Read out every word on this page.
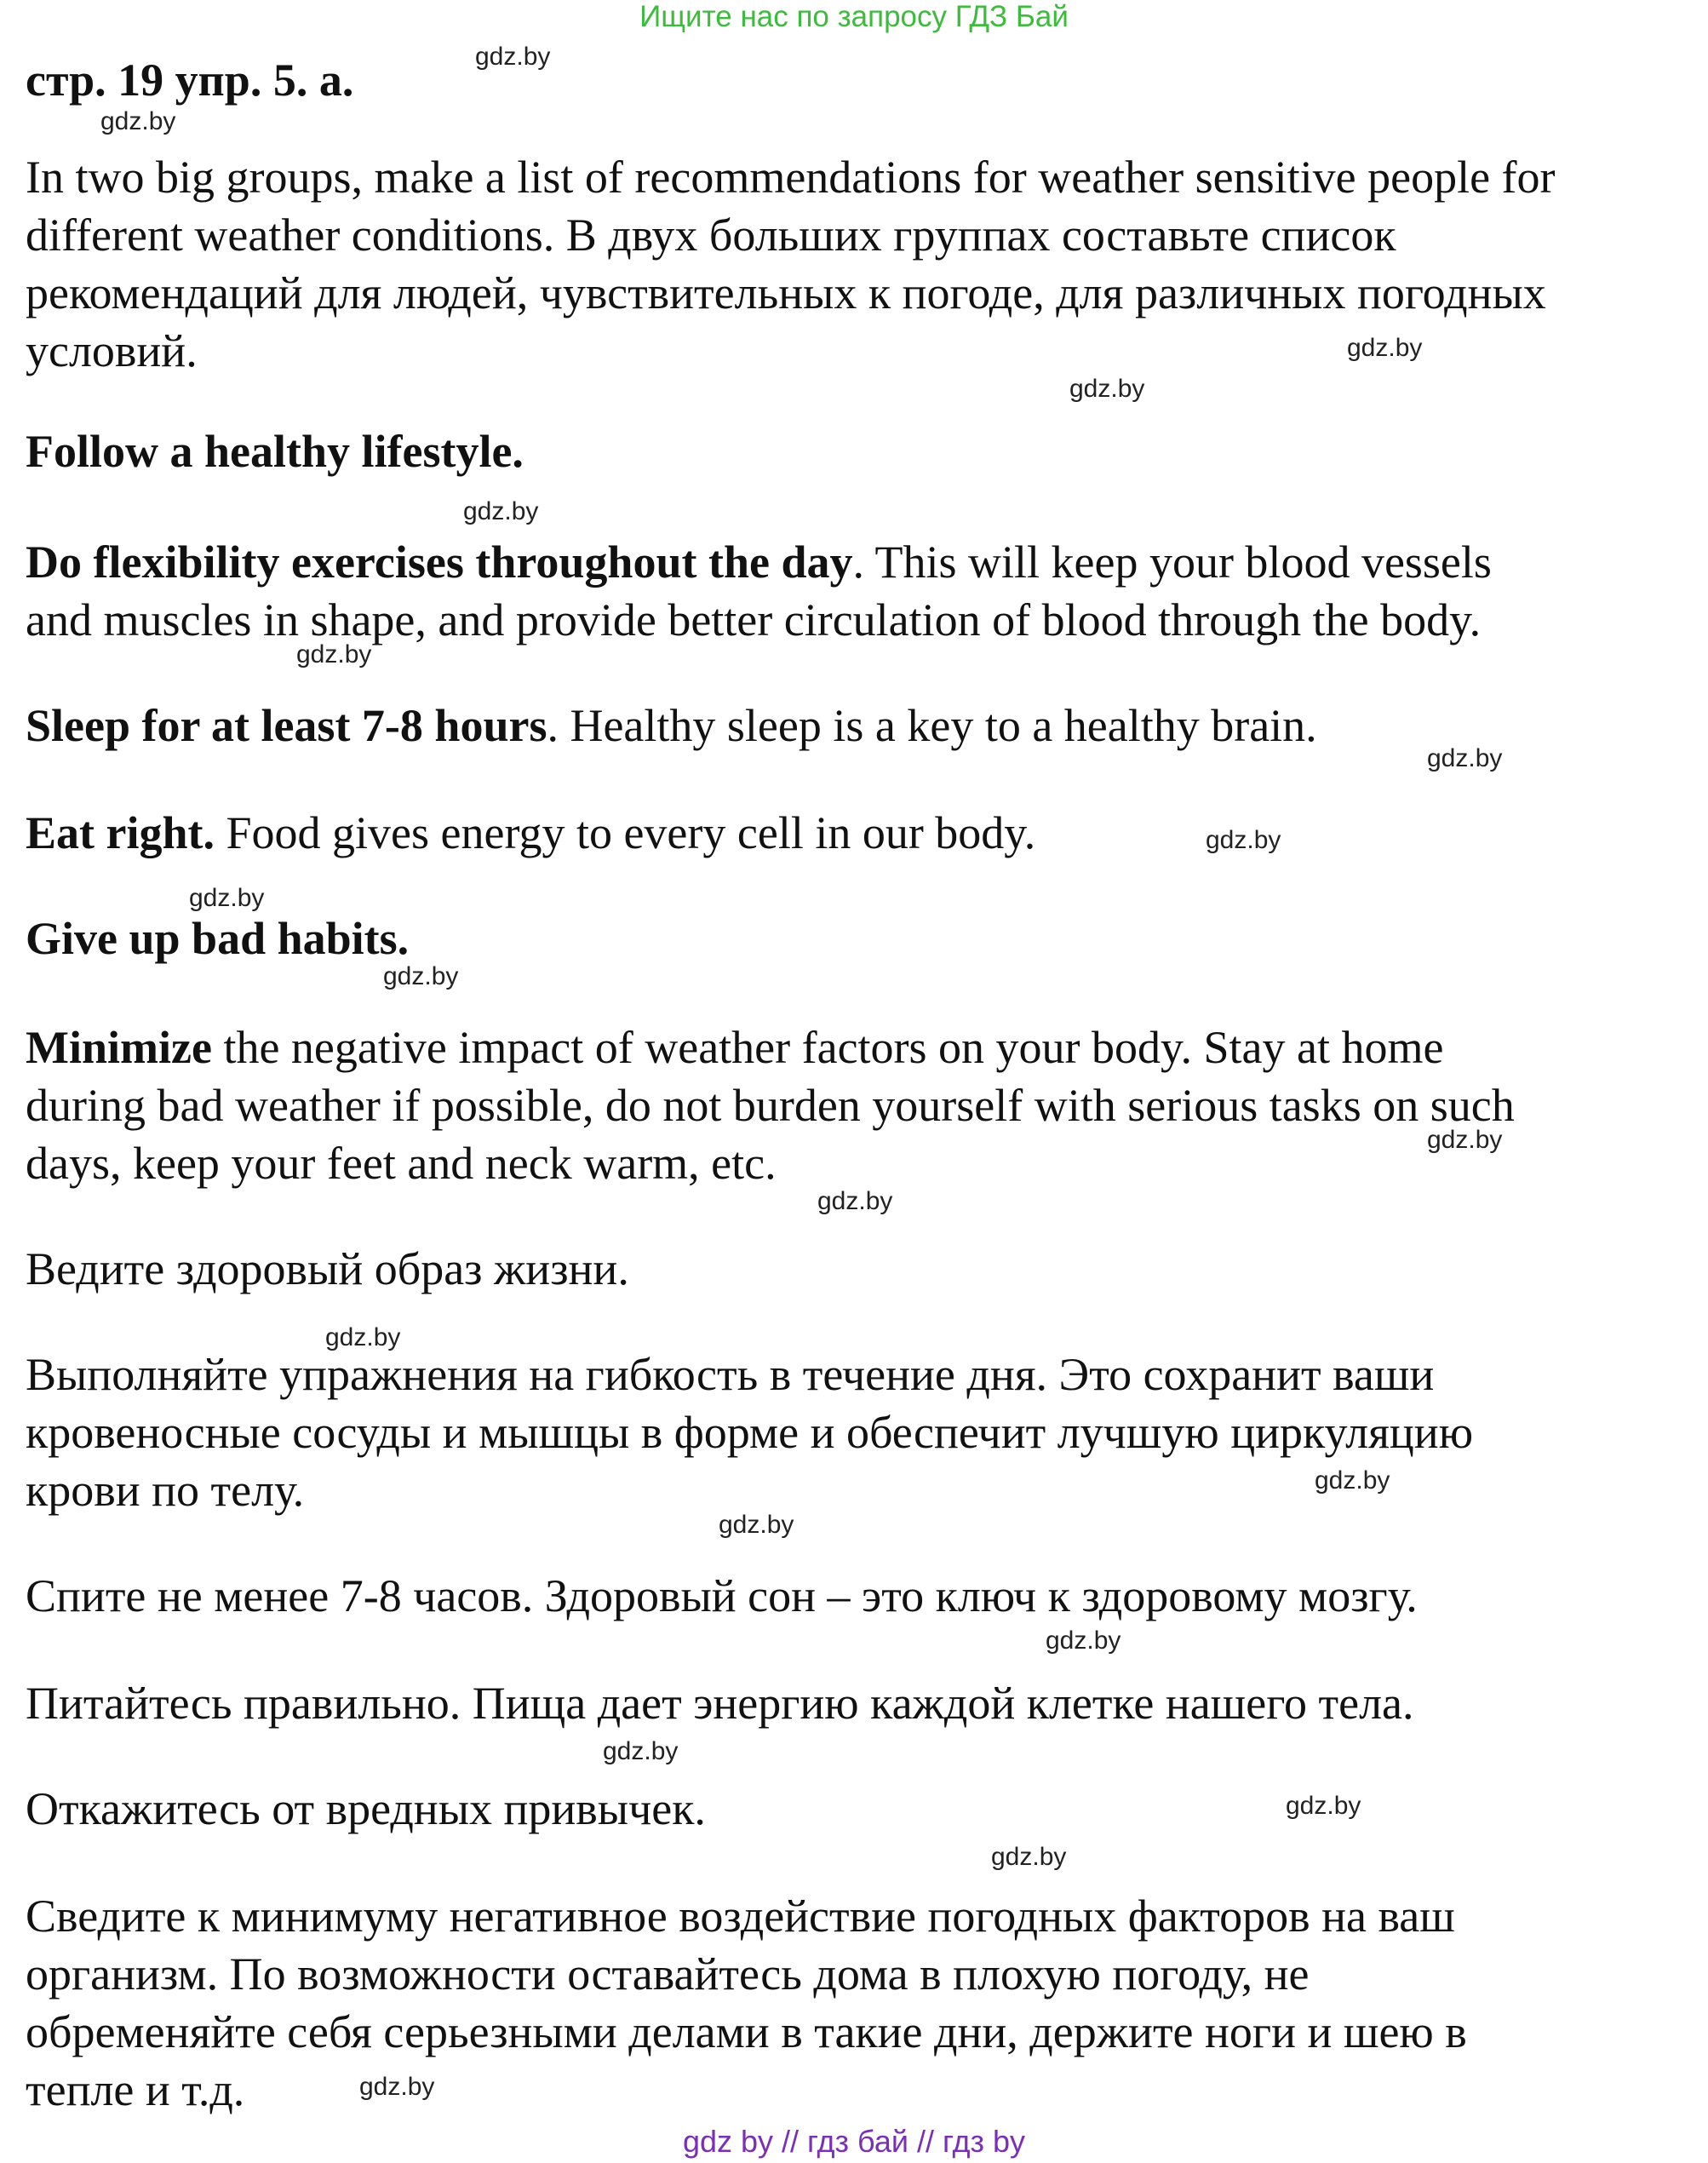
Ищите нас по запросу ГДЗ Бай
стр. 19 упр. 5. а.
In two big groups, make a list of recommendations for weather sensitive people for
different weather conditions. В двух больших группах составьте список
рекомендаций для людей, чувствительных к погоде, для различных погодных
условий.
Follow a healthy lifestyle.
Do flexibility exercises throughout the day. This will keep your blood vessels
and muscles in shape, and provide better circulation of blood through the body.
Sleep for at least 7-8 hours. Healthy sleep is a key to a healthy brain.
Eat right. Food gives energy to every cell in our body.
Give up bad habits.
Minimize the negative impact of weather factors on your body. Stay at home
during bad weather if possible, do not burden yourself with serious tasks on such
days, keep your feet and neck warm, etc.
Ведите здоровый образ жизни.
Выполняйте упражнения на гибкость в течение дня. Это сохранит ваши
кровеносные сосуды и мышцы в форме и обеспечит лучшую циркуляцию
крови по телу.
Спите не менее 7-8 часов. Здоровый сон – это ключ к здоровому мозгу.
Питайтесь правильно. Пища дает энергию каждой клетке нашего тела.
Откажитесь от вредных привычек.
Сведите к минимуму негативное воздействие погодных факторов на ваш
организм. По возможности оставайтесь дома в плохую погоду, не
обременяйте себя серьезными делами в такие дни, держите ноги и шею в
тепле и т.д.
gdz.by
gdz.by
gdz.by
gdz.by
gdz.by
gdz.by
gdz.by
gdz.by
gdz.by
gdz.by
gdz.by
gdz.by
gdz.by
gdz.by
gdz.by
gdz.by
gdz.by
gdz.by
gdz.by
gdz.by
gdz by // гдз бай // гдз by
